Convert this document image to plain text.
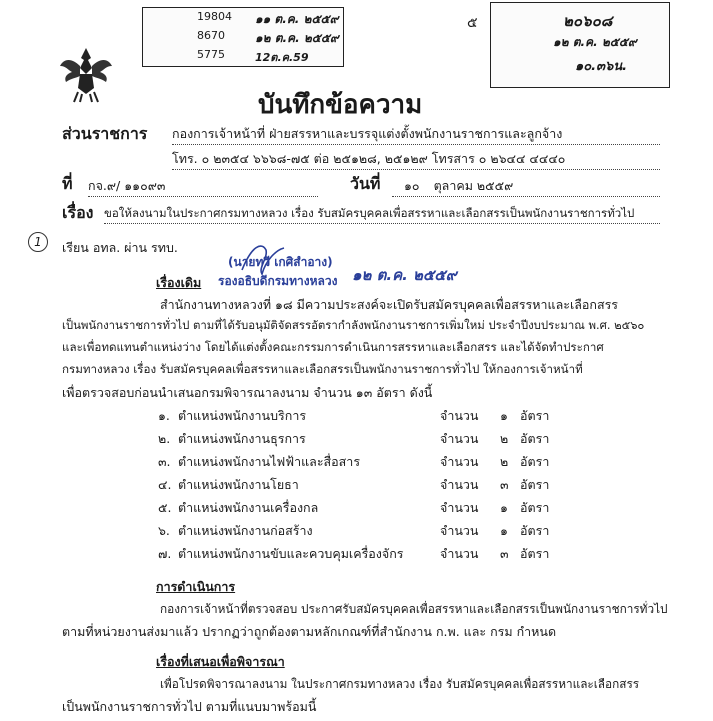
19804 ๑๑ ต.ค. ๒๕๕๙
8670	๑๒ ต.ค. ๒๕๕๙
5775	12ต.ค.59
๕	๒๐๖๐๘
๑๒ ต.ค. ๒๕๕๙
๑๐.๓๖น.
บันทึกข้อความ
ส่วนราชการ กองการเจ้าหน้าที่ ฝ่ายสรรหาและบรรจุแต่งตั้งพนักงานราชการและลูกจ้าง
โทร. ๐ ๒๓๕๔ ๖๖๖๘-๗๕ ต่อ ๒๕๑๒๘, ๒๕๑๒๙ โทรสาร ๐ ๒๖๔๔ ๔๔๔๐
ที่ กจ.๙/ ๑๑๐๙๓	วันที่	๑๐ ตุลาคม ๒๕๕๙
เรื่อง ขอให้ลงนามในประกาศกรมทางหลวง เรื่อง รับสมัครบุคคลเพื่อสรรหาและเลือกสรรเป็นพนักงานราชการทั่วไป
1	เรียน อทล. ผ่าน รทบ.
(นายทวี เกศิสำอาง)
รองอธิบดีกรมทางหลวง ๑๒ ต.ค. ๒๕๕๙
เรื่องเดิม
สำนักงานทางหลวงที่ ๑๘ มีความประสงค์จะเปิดรับสมัครบุคคลเพื่อสรรหาและเลือกสรร
เป็นพนักงานราชการทั่วไป ตามที่ได้รับอนุมัติจัดสรรอัตรากำลังพนักงานราชการเพิ่มใหม่ ประจำปีงบประมาณ พ.ศ. ๒๕๖๐
และเพื่อทดแทนตำแหน่งว่าง โดยได้แต่งตั้งคณะกรรมการดำเนินการสรรหาและเลือกสรร และได้จัดทำประกาศ
กรมทางหลวง เรื่อง รับสมัครบุคคลเพื่อสรรหาและเลือกสรรเป็นพนักงานราชการทั่วไป ให้กองการเจ้าหน้าที่
เพื่อตรวจสอบก่อนนำเสนอกรมพิจารณาลงนาม จำนวน ๑๓ อัตรา ดังนี้
๑. ตำแหน่งพนักงานบริการ	จำนวน ๑ อัตรา
๒. ตำแหน่งพนักงานธุรการ	จำนวน ๒ อัตรา
๓. ตำแหน่งพนักงานไฟฟ้าและสื่อสาร	จำนวน ๒ อัตรา
๔. ตำแหน่งพนักงานโยธา	จำนวน ๓ อัตรา
๕. ตำแหน่งพนักงานเครื่องกล	จำนวน ๑ อัตรา
๖. ตำแหน่งพนักงานก่อสร้าง	จำนวน ๑ อัตรา
๗. ตำแหน่งพนักงานขับและควบคุมเครื่องจักร	จำนวน ๓ อัตรา
การดำเนินการ
กองการเจ้าหน้าที่ตรวจสอบ ประกาศรับสมัครบุคคลเพื่อสรรหาและเลือกสรรเป็นพนักงานราชการทั่วไป
ตามที่หน่วยงานส่งมาแล้ว ปรากฏว่าถูกต้องตามหลักเกณฑ์ที่สำนักงาน ก.พ. และ กรม กำหนด
เรื่องที่เสนอเพื่อพิจารณา
เพื่อโปรดพิจารณาลงนาม ในประกาศกรมทางหลวง เรื่อง รับสมัครบุคคลเพื่อสรรหาและเลือกสรร
เป็นพนักงานราชการทั่วไป ตามที่แนบมาพร้อมนี้
